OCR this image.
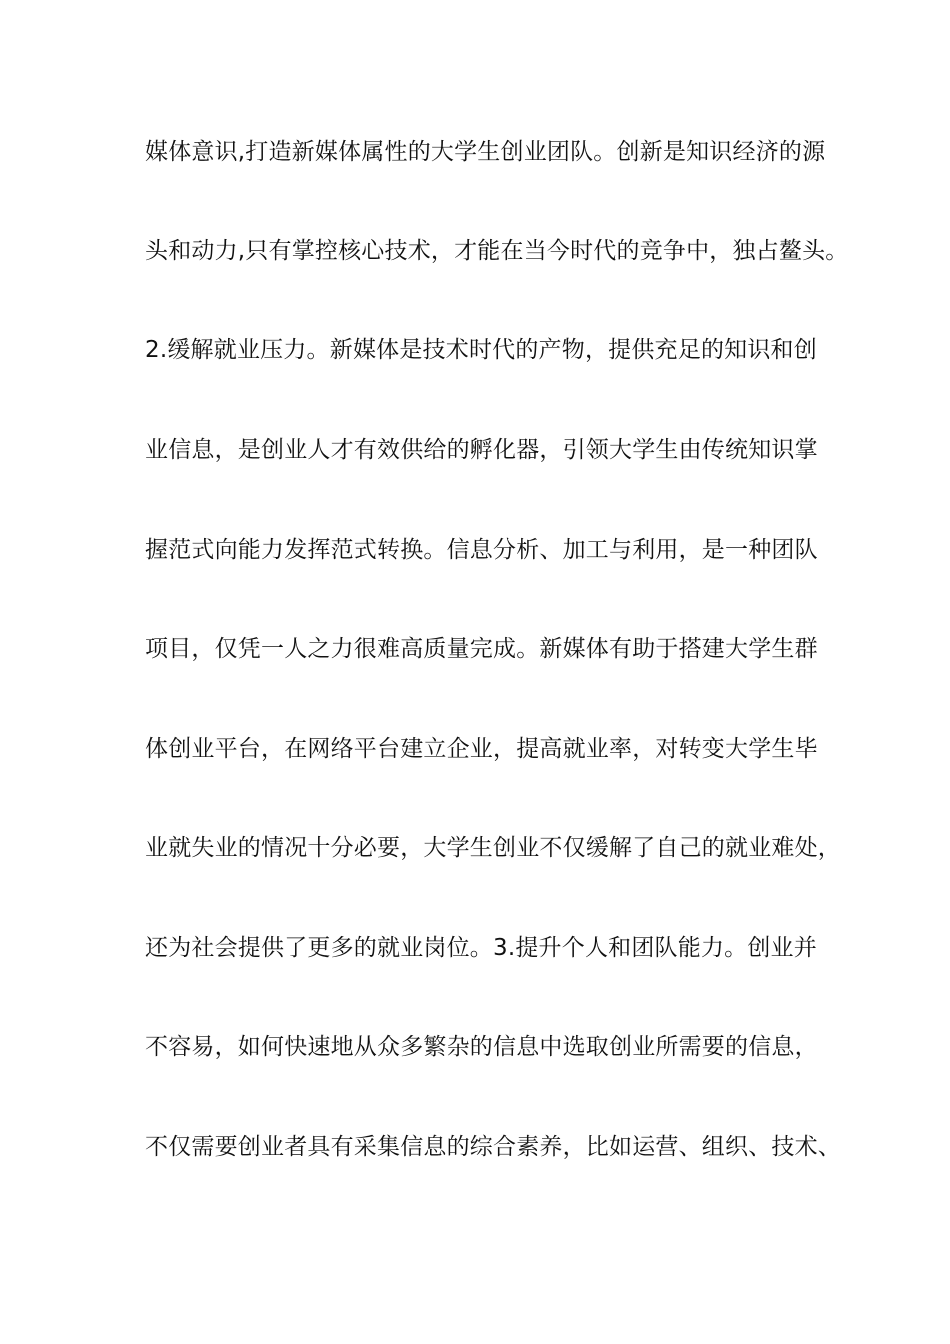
媒体意识,打造新媒体属性的大学生创业团队。创新是知识经济的源
头和动力,只有掌控核心技术，才能在当今时代的竞争中，独占鳌头。
2.缓解就业压力。新媒体是技术时代的产物，提供充足的知识和创
业信息，是创业人才有效供给的孵化器，引领大学生由传统知识掌
握范式向能力发挥范式转换。信息分析、加工与利用，是一种团队
项目，仅凭一人之力很难高质量完成。新媒体有助于搭建大学生群
体创业平台，在网络平台建立企业，提高就业率，对转变大学生毕
业就失业的情况十分必要，大学生创业不仅缓解了自己的就业难处，
还为社会提供了更多的就业岗位。3.提升个人和团队能力。创业并
不容易，如何快速地从众多繁杂的信息中选取创业所需要的信息，
不仅需要创业者具有采集信息的综合素养，比如运营、组织、技术、
